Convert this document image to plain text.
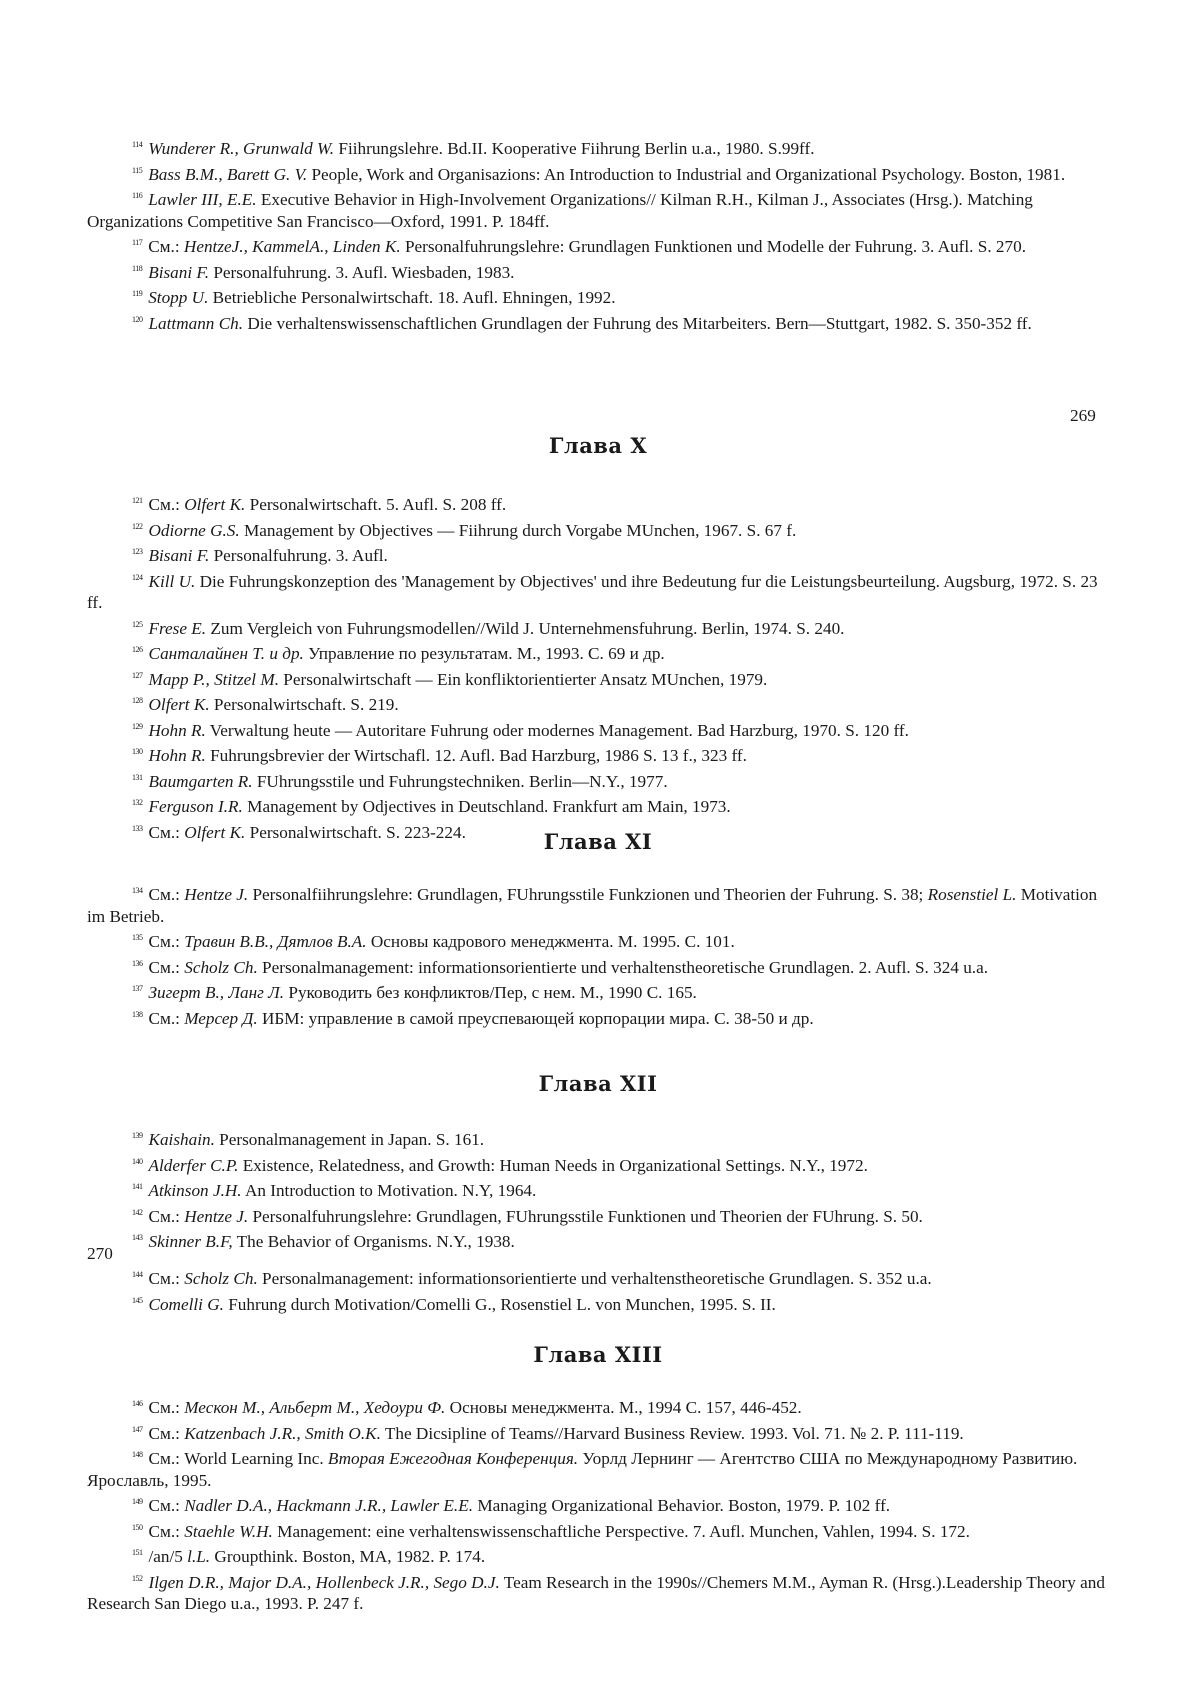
$^{114}$ Wunderer R., Grunwald W. Fiihrungslehre. Bd.II. Kooperative Fiihrung Berlin u.a., 1980. S.99ff.

$^{115}$ Bass B.M., Barett G. V. People, Work and Organisazions: An Introduction to Industrial and Organizational Psychology. Boston, 1981.

$^{116}$ Lawler III, E.E. Executive Behavior in High-Involvement Organizations// Kilman R.H., Kilman J., Associates (Hrsg.). Matching Organizations Competitive San Francisco—Oxford, 1991. P. 184ff.

$^{117}$ См.: HentzeJ., KammelA., Linden K. Personalfuhrungslehre: Grundlagen Funktionen und Modelle der Fuhrung. 3. Aufl. S. 270.

$^{118}$ Bisani F. Personalfuhrung. 3. Aufl. Wiesbaden, 1983.

$^{119}$ Stopp U. Betriebliche Personalwirtschaft. 18. Aufl. Ehningen, 1992.

$^{120}$ Lattmann Ch. Die verhaltenswissenschaftlichen Grundlagen der Fuhrung des Mitarbeiters. Bern—Stuttgart, 1982. S. 350-352 ff.

269
Глава X

$^{121}$ См.: Olfert K. Personalwirtschaft. 5. Aufl. S. 208 ff.

$^{122}$ Odiorne G.S. Management by Objectives — Fiihrung durch Vorgabe MUnchen, 1967. S. 67 f.

$^{123}$ Bisani F. Personalfuhrung. 3. Aufl.

$^{124}$ Kill U. Die Fuhrungskonzeption des 'Management by Objectives' und ihre Bedeutung fur die Leistungsbeurteilung. Augsburg, 1972. S. 23 ff.

$^{125}$ Frese E. Zum Vergleich von Fuhrungsmodellen//Wild J. Unternehmensfuhrung. Berlin, 1974. S. 240.

$^{126}$ Санталайнен Т. и др. Управление по результатам. М., 1993. С. 69 и др.

$^{127}$ Mapp P., Stitzel M. Personalwirtschaft — Ein konfliktorientierter Ansatz MUnchen, 1979.

$^{128}$ Olfert K. Personalwirtschaft. S. 219.

$^{129}$ Hohn R. Verwaltung heute — Autoritare Fuhrung oder modernes Management. Bad Harzburg, 1970. S. 120 ff.

$^{130}$ Hohn R. Fuhrungsbrevier der Wirtschafl. 12. Aufl. Bad Harzburg, 1986 S. 13 f., 323 ff.

$^{131}$ Baumgarten R. FUhrungsstile und Fuhrungstechniken. Berlin—N.Y., 1977.

$^{132}$ Ferguson I.R. Management by Odjectives in Deutschland. Frankfurt am Main, 1973.

$^{133}$ См.: Olfert K. Personalwirtschaft. S. 223-224.	Глава XI

$^{134}$ См.: Hentze J. Personalfiihrungslehre: Grundlagen, FUhrungsstile Funkzionen und Theorien der Fuhrung. S. 38; Rosenstiel L. Motivation im Betrieb.

$^{135}$ См.: Травин В.В., Дятлов В.А. Основы кадрового менеджмента. М. 1995. С. 101.

$^{136}$ См.: Scholz Ch. Personalmanagement: informationsorientierte und verhaltenstheoretische Grundlagen. 2. Aufl. S. 324 u.a.

$^{137}$ Зигерт В., Ланг Л. Руководить без конфликтов/Пер, с нем. М., 1990 С. 165.

$^{138}$ См.: Мерсер Д. ИБМ: управление в самой преуспевающей корпорации мира. С. 38-50 и др.

Глава XII

$^{139}$ Kaishain. Personalmanagement in Japan. S. 161.

$^{140}$ Alderfer C.P. Existence, Relatedness, and Growth: Human Needs in Organizational Settings. N.Y., 1972.

$^{141}$ Atkinson J.H. An Introduction to Motivation. N.Y, 1964.

$^{142}$ См.: Hentze J. Personalfuhrungslehre: Grundlagen, FUhrungsstile Funktionen und Theorien der FUhrung. S. 50.

$^{143}$ Skinner B.F, The Behavior of Organisms. N.Y., 1938.

270

$^{144}$ См.: Scholz Ch. Personalmanagement: informationsorientierte und verhaltenstheoretische Grundlagen. S. 352 u.a.

$^{145}$ Comelli G. Fuhrung durch Motivation/Comelli G., Rosenstiel L. von Munchen, 1995. S. II.

Глава XIII

$^{146}$ См.: Мескон М., Альберт М., Хедоури Ф. Основы менеджмента. М., 1994 С. 157, 446-452.

$^{147}$ См.: Katzenbach J.R., Smith O.K. The Dicsipline of Teams//Harvard Business Review. 1993. Vol. 71. № 2. P. 111-119.

$^{148}$ См.: World Learning Inc. Вторая Ежегодная Конференция. Уорлд Лернинг — Агентство США по Международному Развитию. Ярославль, 1995.

$^{149}$ См.: Nadler D.A., Hackmann J.R., Lawler E.E. Managing Organizational Behavior. Boston, 1979. P. 102 ff.

$^{150}$ См.: Staehle W.H. Management: eine verhaltenswissenschaftliche Perspective. 7. Aufl. Munchen, Vahlen, 1994. S. 172.

$^{151}$ /an/5 l.L. Groupthink. Boston, MA, 1982. P. 174.

$^{152}$ Ilgen D.R., Major D.A., Hollenbeck J.R., Sego D.J. Team Research in the 1990s//Chemers M.M., Ayman R. (Hrsg.).Leadership Theory and Research San Diego u.a., 1993. P. 247 f.
